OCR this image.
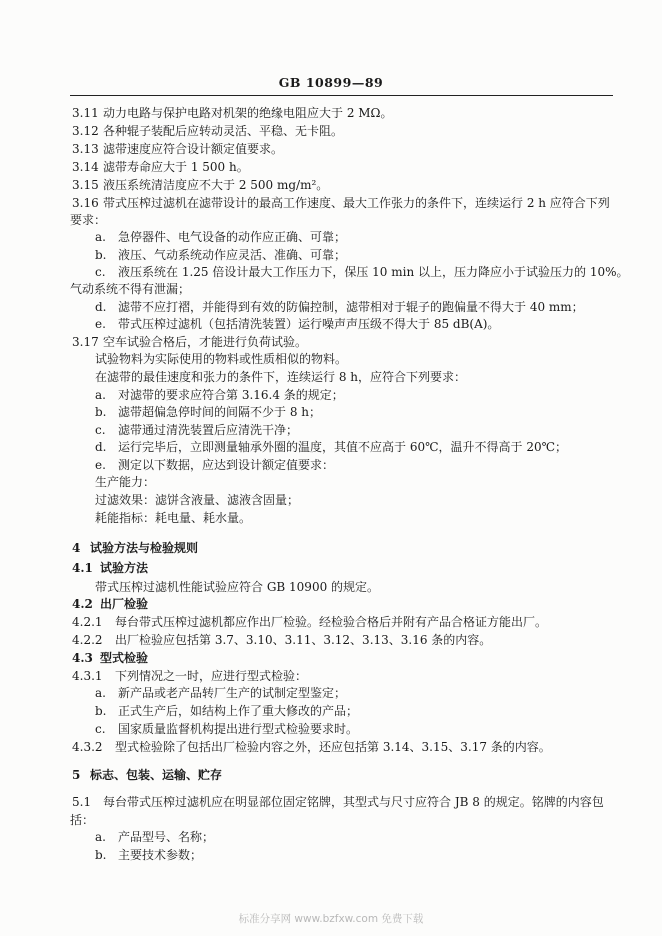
GB 10899—89
3.11 动力电路与保护电路对机架的绝缘电阻应大于 2 MΩ。
3.12 各种辊子装配后应转动灵活、平稳、无卡阻。
3.13 滤带速度应符合设计额定值要求。
3.14 滤带寿命应大于 1 500 h。
3.15 液压系统清洁度应不大于 2 500 mg/m²。
3.16 带式压榨过滤机在滤带设计的最高工作速度、最大工作张力的条件下，连续运行 2 h 应符合下列
要求：
a. 急停器件、电气设备的动作应正确、可靠；
b. 液压、气动系统动作应灵活、准确、可靠；
c. 液压系统在 1.25 倍设计最大工作压力下，保压 10 min 以上，压力降应小于试验压力的 10%。
气动系统不得有泄漏；
d. 滤带不应打褶，并能得到有效的防偏控制，滤带相对于辊子的跑偏量不得大于 40 mm；
e. 带式压榨过滤机（包括清洗装置）运行噪声声压级不得大于 85 dB(A)。
3.17 空车试验合格后，才能进行负荷试验。
试验物料为实际使用的物料或性质相似的物料。
在滤带的最佳速度和张力的条件下，连续运行 8 h，应符合下列要求：
a. 对滤带的要求应符合第 3.16.4 条的规定；
b. 滤带超偏急停时间的间隔不少于 8 h；
c. 滤带通过清洗装置后应清洗干净；
d. 运行完毕后，立即测量轴承外圈的温度，其值不应高于 60℃，温升不得高于 20℃；
e. 测定以下数据，应达到设计额定值要求：
生产能力：
过滤效果：滤饼含液量、滤液含固量；
耗能指标：耗电量、耗水量。
4 试验方法与检验规则
4.1 试验方法
带式压榨过滤机性能试验应符合 GB 10900 的规定。
4.2 出厂检验
4.2.1 每台带式压榨过滤机都应作出厂检验。经检验合格后并附有产品合格证方能出厂。
4.2.2 出厂检验应包括第 3.7、3.10、3.11、3.12、3.13、3.16 条的内容。
4.3 型式检验
4.3.1 下列情况之一时，应进行型式检验：
a. 新产品或老产品转厂生产的试制定型鉴定；
b. 正式生产后，如结构上作了重大修改的产品；
c. 国家质量监督机构提出进行型式检验要求时。
4.3.2 型式检验除了包括出厂检验内容之外，还应包括第 3.14、3.15、3.17 条的内容。
5 标志、包装、运输、贮存
5.1 每台带式压榨过滤机应在明显部位固定铭牌，其型式与尺寸应符合 JB 8 的规定。铭牌的内容包
括：
a. 产品型号、名称；
b. 主要技术参数；
标准分享网 www.bzfxw.com 免费下载
